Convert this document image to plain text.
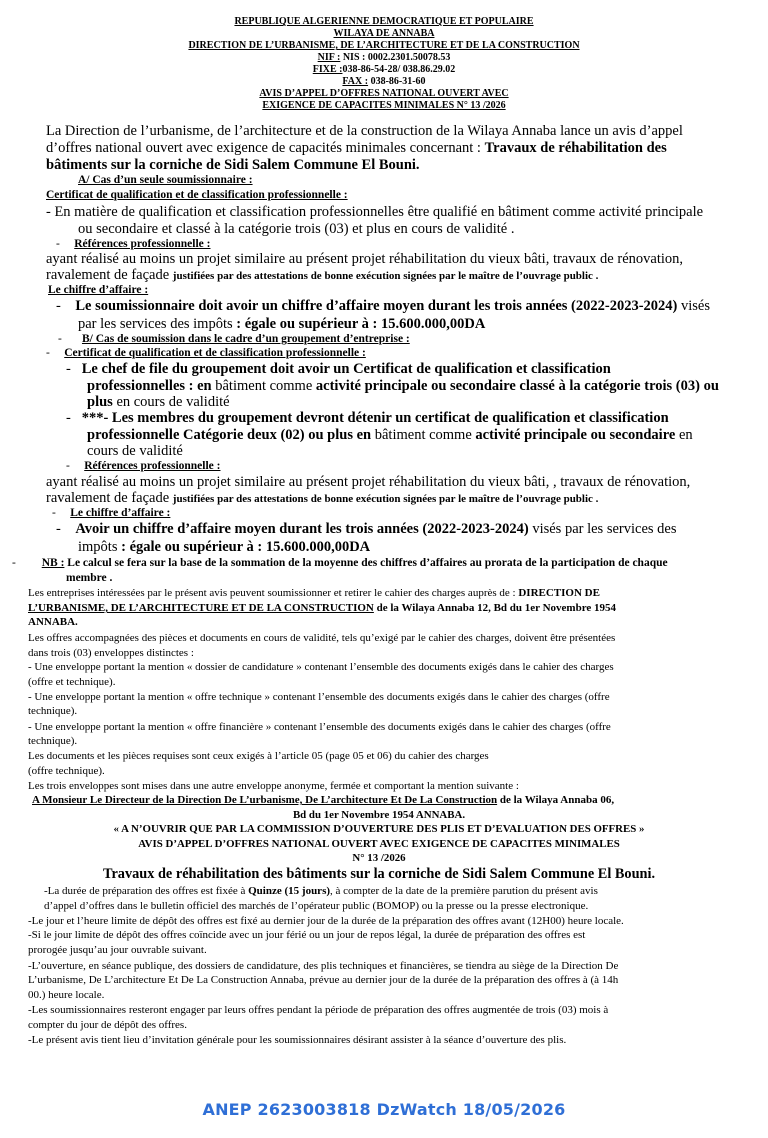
REPUBLIQUE ALGERIENNE DEMOCRATIQUE ET POPULAIRE
WILAYA DE ANNABA
DIRECTION DE L’URBANISME, DE L’ARCHITECTURE ET DE LA CONSTRUCTION
NIF : NIS : 0002.2301.50078.53
FIXE :038-86-54-28/ 038.86.29.02
FAX : 038-86-31-60
AVIS D’APPEL D’OFFRES NATIONAL OUVERT AVEC
EXIGENCE DE CAPACITES MINIMALES N° 13 /2026
La Direction de l’urbanisme, de l’architecture et de la construction de la Wilaya Annaba lance un avis d’appel
d’offres national ouvert avec exigence de capacités minimales concernant : Travaux de réhabilitation des
bâtiments sur la corniche de Sidi Salem Commune El Bouni.
A/ Cas d’un seule soumissionnaire :
Certificat de qualification et de classification professionnelle :
- En matière de qualification et classification professionnelles être qualifié en bâtiment comme activité principale
ou secondaire et classé à la catégorie trois (03) et plus en cours de validité .
-     Références professionnelle :
ayant réalisé au moins un projet similaire au présent projet réhabilitation du vieux bâti, travaux de rénovation,
ravalement de façade justifiées par des attestations de bonne exécution signées par le maître de l’ouvrage public .
Le chiffre d’affaire :
-    Le soumissionnaire doit avoir un chiffre d’affaire moyen durant les trois années (2022-2023-2024) visés
par les services des impôts : égale ou supérieur à : 15.600.000,00DA
-       B/ Cas de soumission dans le cadre d’un groupement d’entreprise :
-     Certificat de qualification et de classification professionnelle :
-   Le chef de file du groupement doit avoir un Certificat de qualification et classification
professionnelles : en bâtiment comme activité principale ou secondaire classé à la catégorie trois (03) ou
plus en cours de validité
-   ***- Les membres du groupement devront détenir un certificat de qualification et classification
professionnelle Catégorie deux (02) ou plus en bâtiment comme activité principale ou secondaire en
cours de validité
-     Références professionnelle :
ayant réalisé au moins un projet similaire au présent projet réhabilitation du vieux bâti, , travaux de rénovation,
ravalement de façade justifiées par des attestations de bonne exécution signées par le maître de l’ouvrage public .
-     Le chiffre d’affaire :
-    Avoir un chiffre d’affaire moyen durant les trois années (2022-2023-2024) visés par les services des
impôts : égale ou supérieur à : 15.600.000,00DA
-         NB : Le calcul se fera sur la base de la sommation de la moyenne des chiffres d’affaires au prorata de la participation de chaque
membre .
Les entreprises intéressées par le présent avis peuvent soumissionner et retirer le cahier des charges auprès de : DIRECTION DE
L’URBANISME, DE L’ARCHITECTURE ET DE LA CONSTRUCTION de la Wilaya Annaba 12, Bd du 1er Novembre 1954
ANNABA.
Les offres accompagnées des pièces et documents en cours de validité, tels qu’exigé par le cahier des charges, doivent être présentées
dans trois (03) enveloppes distinctes :
- Une enveloppe portant la mention « dossier de candidature » contenant l’ensemble des documents exigés dans le cahier des charges
(offre et technique).
- Une enveloppe portant la mention « offre technique » contenant l’ensemble des documents exigés dans le cahier des charges (offre
technique).
- Une enveloppe portant la mention « offre financière » contenant l’ensemble des documents exigés dans le cahier des charges (offre
technique).
Les documents et les pièces requises sont ceux exigés à l’article 05 (page 05 et 06) du cahier des charges
(offre technique).
Les trois enveloppes sont mises dans une autre enveloppe anonyme, fermée et comportant la mention suivante :
A Monsieur Le Directeur de la Direction De L’urbanisme, De L’architecture Et De La Construction de la Wilaya Annaba 06,
Bd du 1er Novembre 1954 ANNABA.
« A N’OUVRIR QUE PAR LA COMMISSION D’OUVERTURE DES PLIS ET D’EVALUATION DES OFFRES »
AVIS D’APPEL D’OFFRES NATIONAL OUVERT AVEC EXIGENCE DE CAPACITES MINIMALES
N° 13 /2026
Travaux de réhabilitation des bâtiments sur la corniche de Sidi Salem Commune El Bouni.
-La durée de préparation des offres est fixée à Quinze (15 jours), à compter de la date de la première parution du présent avis
d’appel d’offres dans le bulletin officiel des marchés de l’opérateur public (BOMOP) ou la presse ou la presse electronique.
-Le jour et l’heure limite de dépôt des offres est fixé au dernier jour de la durée de la préparation des offres avant (12H00) heure locale.
-Si le jour limite de dépôt des offres coïncide avec un jour férié ou un jour de repos légal, la durée de préparation des offres est
prorogée jusqu’au jour ouvrable suivant.
-L’ouverture, en séance publique, des dossiers de candidature, des plis techniques et financières, se tiendra au siège de la Direction De
L’urbanisme, De L’architecture Et De La Construction Annaba, prévue au dernier jour de la durée de la préparation des offres à (à 14h
00.) heure locale.
-Les soumissionnaires resteront engager par leurs offres pendant la période de préparation des offres augmentée de trois (03) mois à
compter du jour de dépôt des offres.
-Le présent avis tient lieu d’invitation générale pour les soumissionnaires désirant assister à la séance d’ouverture des plis.
ANEP 2623003818 DzWatch 18/05/2026
